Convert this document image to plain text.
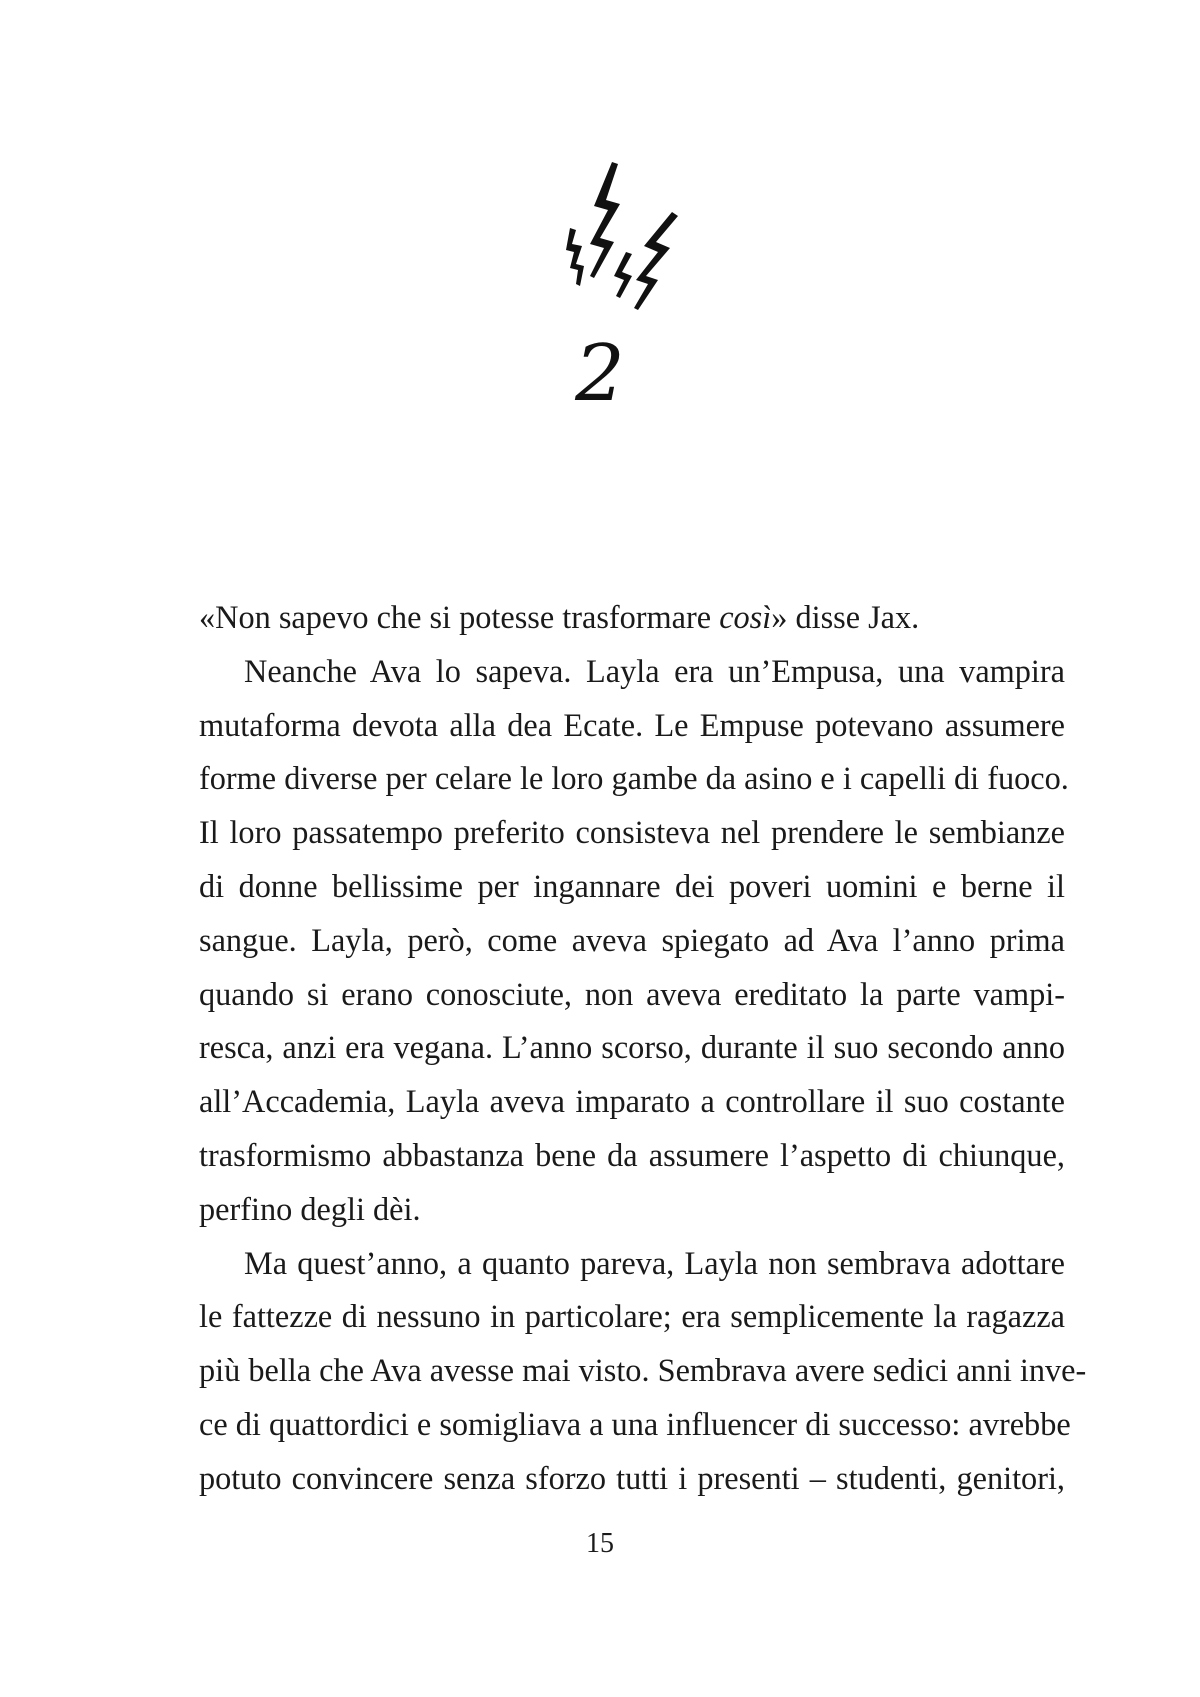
2

«Non sapevo che si potesse trasformare così» disse Jax.

Neanche Ava lo sapeva. Layla era un’Empusa, una vampira
mutaforma devota alla dea Ecate. Le Empuse potevano assumere
forme diverse per celare le loro gambe da asino e i capelli di fuoco.
Il loro passatempo preferito consisteva nel prendere le sembianze
di donne bellissime per ingannare dei poveri uomini e berne il
sangue. Layla, però, come aveva spiegato ad Ava l’anno prima
quando si erano conosciute, non aveva ereditato la parte vampi-
resca, anzi era vegana. L’anno scorso, durante il suo secondo anno
all’Accademia, Layla aveva imparato a controllare il suo costante
trasformismo abbastanza bene da assumere l’aspetto di chiunque,
perfino degli dèi.

Ma quest’anno, a quanto pareva, Layla non sembrava adottare
le fattezze di nessuno in particolare; era semplicemente la ragazza
più bella che Ava avesse mai visto. Sembrava avere sedici anni inve-
ce di quattordici e somigliava a una influencer di successo: avrebbe
potuto convincere senza sforzo tutti i presenti – studenti, genitori,

15
